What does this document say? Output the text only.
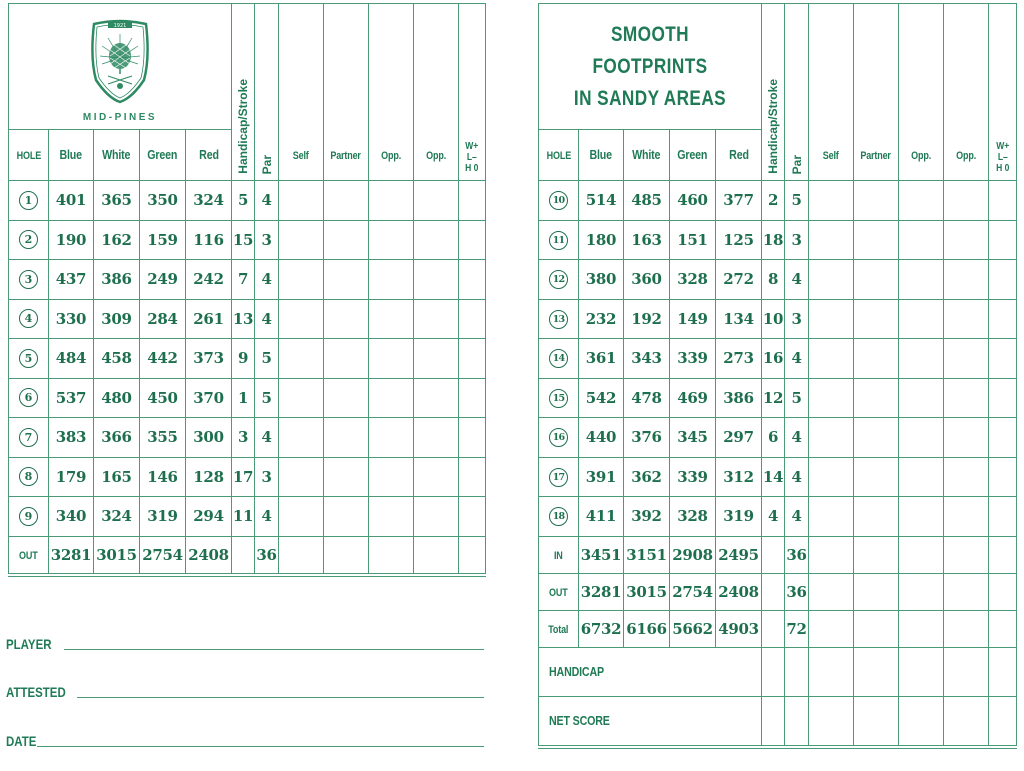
1921
MID-PINES					Handicap/Stroke	Par	Self	Partner	Opp.	Opp.	W+
L–
H 0
HOLE	Blue	White	Green	Red							
1	401	365	350	324	5	4					
2	190	162	159	116	15	3					
3	437	386	249	242	7	4					
4	330	309	284	261	13	4					
5	484	458	442	373	9	5					
6	537	480	450	370	1	5					
7	383	366	355	300	3	4					
8	179	165	146	128	17	3					
9	340	324	319	294	11	4					
OUT	3281	3015	2754	2408		36					
PLAYER
ATTESTED
DATE
SMOOTH FOOTPRINTS
IN SANDY AREAS					Handicap/Stroke	Par	Self	Partner	Opp.	Opp.	W+
L–
H 0
HOLE	Blue	White	Green	Red							
10	514	485	460	377	2	5					
11	180	163	151	125	18	3					
12	380	360	328	272	8	4					
13	232	192	149	134	10	3					
14	361	343	339	273	16	4					
15	542	478	469	386	12	5					
16	440	376	345	297	6	4					
17	391	362	339	312	14	4					
18	411	392	328	319	4	4					
IN	3451	3151	2908	2495		36					
OUT	3281	3015	2754	2408		36					
Total	6732	6166	5662	4903		72					
HANDICAP											
NET SCORE											
